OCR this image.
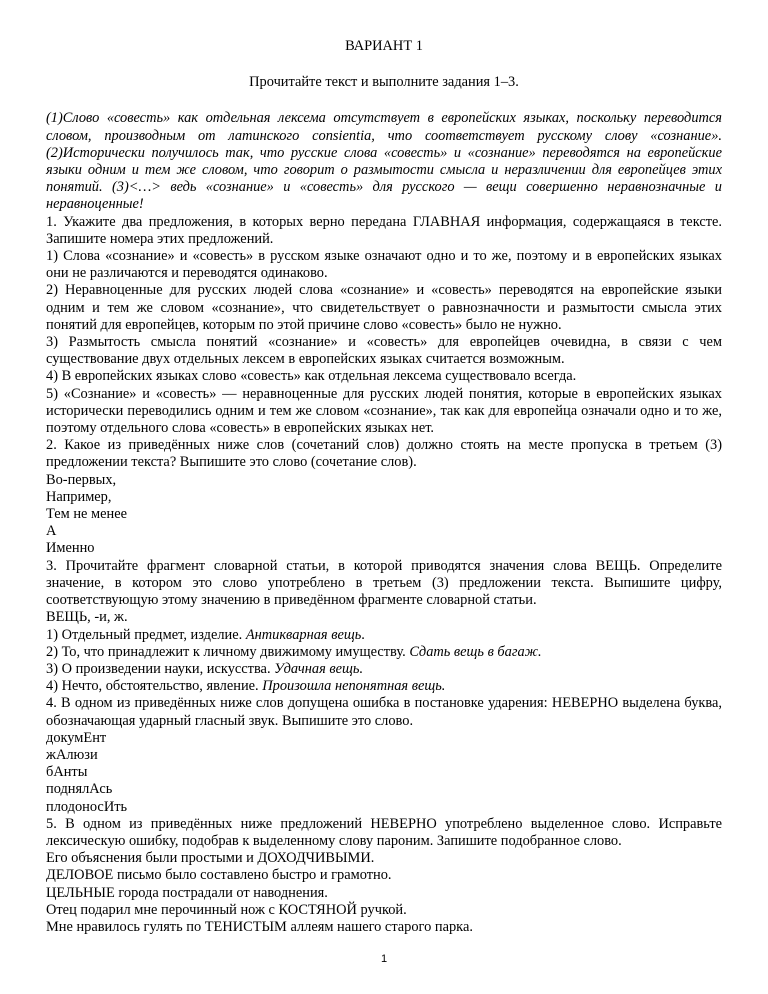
ВАРИАНТ 1

Прочитайте текст и выполните задания 1–3.

(1)Слово «совесть» как отдельная лексема отсутствует в европейских языках, поскольку переводится словом, производным от латинского consientia, что соответствует русскому слову «сознание». (2)Исторически получилось так, что русские слова «совесть» и «сознание» переводятся на европейские языки одним и тем же словом, что говорит о размытости смысла и неразличении для европейцев этих понятий. (3)<…> ведь «сознание» и «совесть» для русского — вещи совершенно неравнозначные и неравноценные!

1. Укажите два предложения, в которых верно передана ГЛАВНАЯ информация, содержащаяся в тексте. Запишите номера этих предложений.

1) Слова «сознание» и «совесть» в русском языке означают одно и то же, поэтому и в европейских языках они не различаются и переводятся одинаково.

2) Неравноценные для русских людей слова «сознание» и «совесть» переводятся на европейские языки одним и тем же словом «сознание», что свидетельствует о равнозначности и размытости смысла этих понятий для европейцев, которым по этой причине слово «совесть» было не нужно.

3) Размытость смысла понятий «сознание» и «совесть» для европейцев очевидна, в связи с чем существование двух отдельных лексем в европейских языках считается возможным.

4) В европейских языках слово «совесть» как отдельная лексема существовало всегда.

5) «Сознание» и «совесть» — неравноценные для русских людей понятия, которые в европейских языках исторически переводились одним и тем же словом «сознание», так как для европейца означали одно и то же, поэтому отдельного слова «совесть» в европейских языках нет.

2. Какое из приведённых ниже слов (сочетаний слов) должно стоять на месте пропуска в третьем (3) предложении текста? Выпишите это слово (сочетание слов).

Во-первых,

Например,

Тем не менее

А

Именно

3. Прочитайте фрагмент словарной статьи, в которой приводятся значения слова ВЕЩЬ. Определите значение, в котором это слово употреблено в третьем (3) предложении текста. Выпишите цифру, соответствующую этому значению в приведённом фрагменте словарной статьи.

ВЕЩЬ, -и, ж.

1) Отдельный предмет, изделие. Антикварная вещь.

2) То, что принадлежит к личному движимому имуществу. Сдать вещь в багаж.

3) О произведении науки, искусства. Удачная вещь.

4) Нечто, обстоятельство, явление. Произошла непонятная вещь.

4. В одном из приведённых ниже слов допущена ошибка в постановке ударения: НЕВЕРНО выделена буква, обозначающая ударный гласный звук. Выпишите это слово.

докумЕнт

жАлюзи

бАнты

поднялАсь

плодоносИть

5. В одном из приведённых ниже предложений НЕВЕРНО употреблено выделенное слово. Исправьте лексическую ошибку, подобрав к выделенному слову пароним. Запишите подобранное слово.

Его объяснения были простыми и ДОХОДЧИВЫМИ.

ДЕЛОВОЕ письмо было составлено быстро и грамотно.

ЦЕЛЬНЫЕ города пострадали от наводнения.

Отец подарил мне перочинный нож с КОСТЯНОЙ ручкой.

Мне нравилось гулять по ТЕНИСТЫМ аллеям нашего старого парка.

1
